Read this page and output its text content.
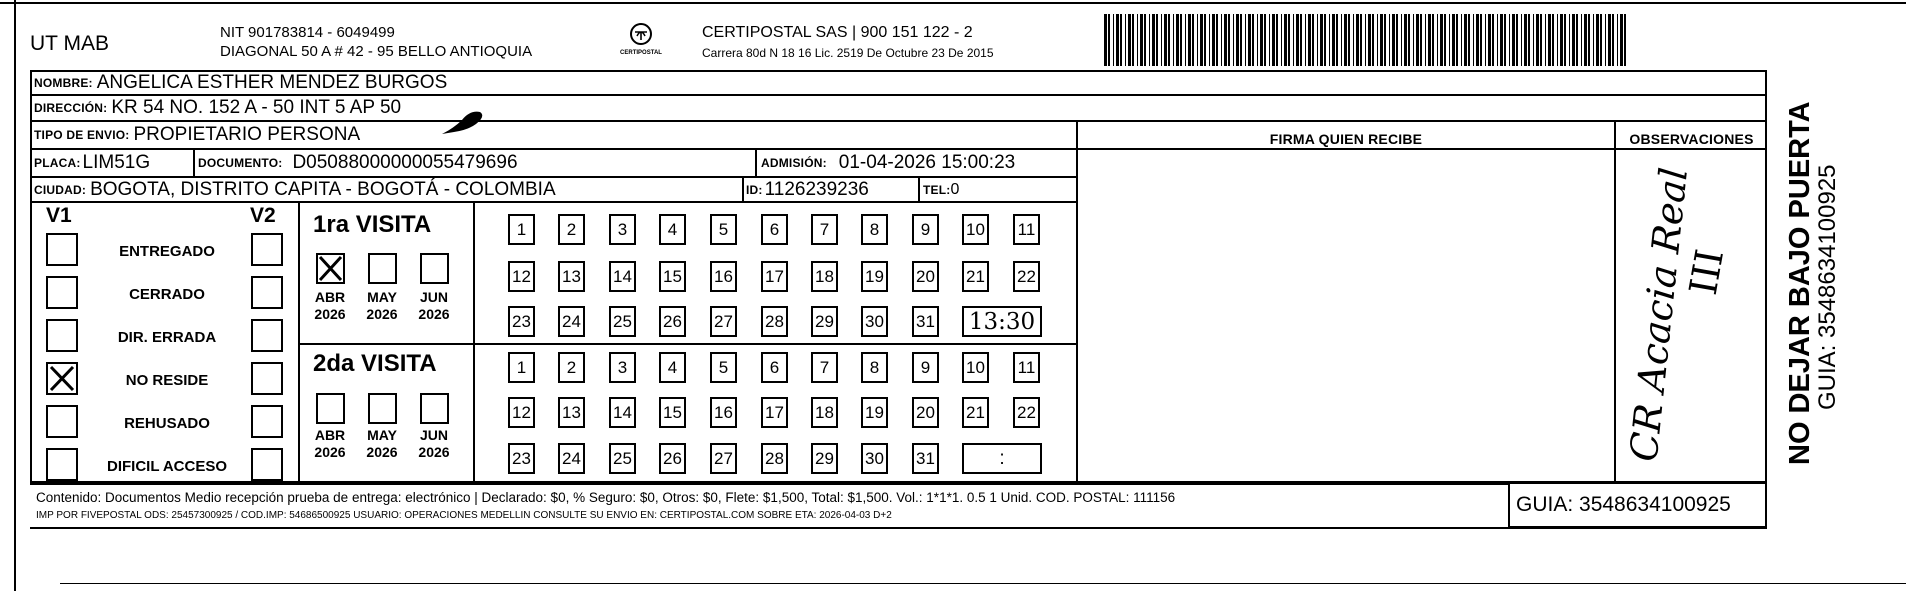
UT MAB	NIT 901783814 - 6049499
DIAGONAL 50 A # 42 - 95 BELLO ANTIOQUIA	CERTIPOSTAL
CERTIPOSTAL SAS | 900 151 122 - 2
Carrera 80d N 18 16 Lic. 2519 De Octubre 23 De 2015
NOMBRE: ANGELICA ESTHER MENDEZ BURGOS
DIRECCIÓN: KR 54 NO. 152 A - 50 INT 5 AP 50
TIPO DE ENVIO: PROPIETARIO PERSONA
PLACA: LIM51G	DOCUMENTO: D05088000000055479696	ADMISIÓN: 01-04-2026 15:00:23
CIUDAD: BOGOTA, DISTRITO CAPITA - BOGOTÁ - COLOMBIA	ID: 1126239236	TEL: 0
FIRMA QUIEN RECIBE	OBSERVACIONES
V1	V2
ENTREGADO
CERRADO
DIR. ERRADA
NO RESIDE
REHUSADO
DIFICIL ACCESO
1ra VISITA
2da VISITA
ABR
2026
MAY
2026
JUN
2026
ABR
2026
MAY
2026
JUN
2026
1	2	3	4	5	6	7	8	9	10 11
12 13 14 15 16 17 18 19 20 21 22
23 24 25 26 27 28 29 30 31 13:30
1	2	3	4	5	6	7	8	9	10 11
12 13 14 15 16 17 18 19 20 21 22
23 24 25 26 27 28 29 30 31	:	CR Acacia Real
III
Contenido: Documentos Medio recepción prueba de entrega: electrónico | Declarado: $0, % Seguro: $0, Otros: $0, Flete: $1,500, Total: $1,500. Vol.: 1*1*1. 0.5 1 Unid. COD. POSTAL: 111156
IMP POR FIVEPOSTAL ODS: 25457300925 / COD.IMP: 54686500925 USUARIO: OPERACIONES MEDELLIN CONSULTE SU ENVIO EN: CERTIPOSTAL.COM SOBRE ETA: 2026-04-03 D+2	GUIA: 3548634100925
NO DEJAR BAJO PUERTA
GUIA: 3548634100925
